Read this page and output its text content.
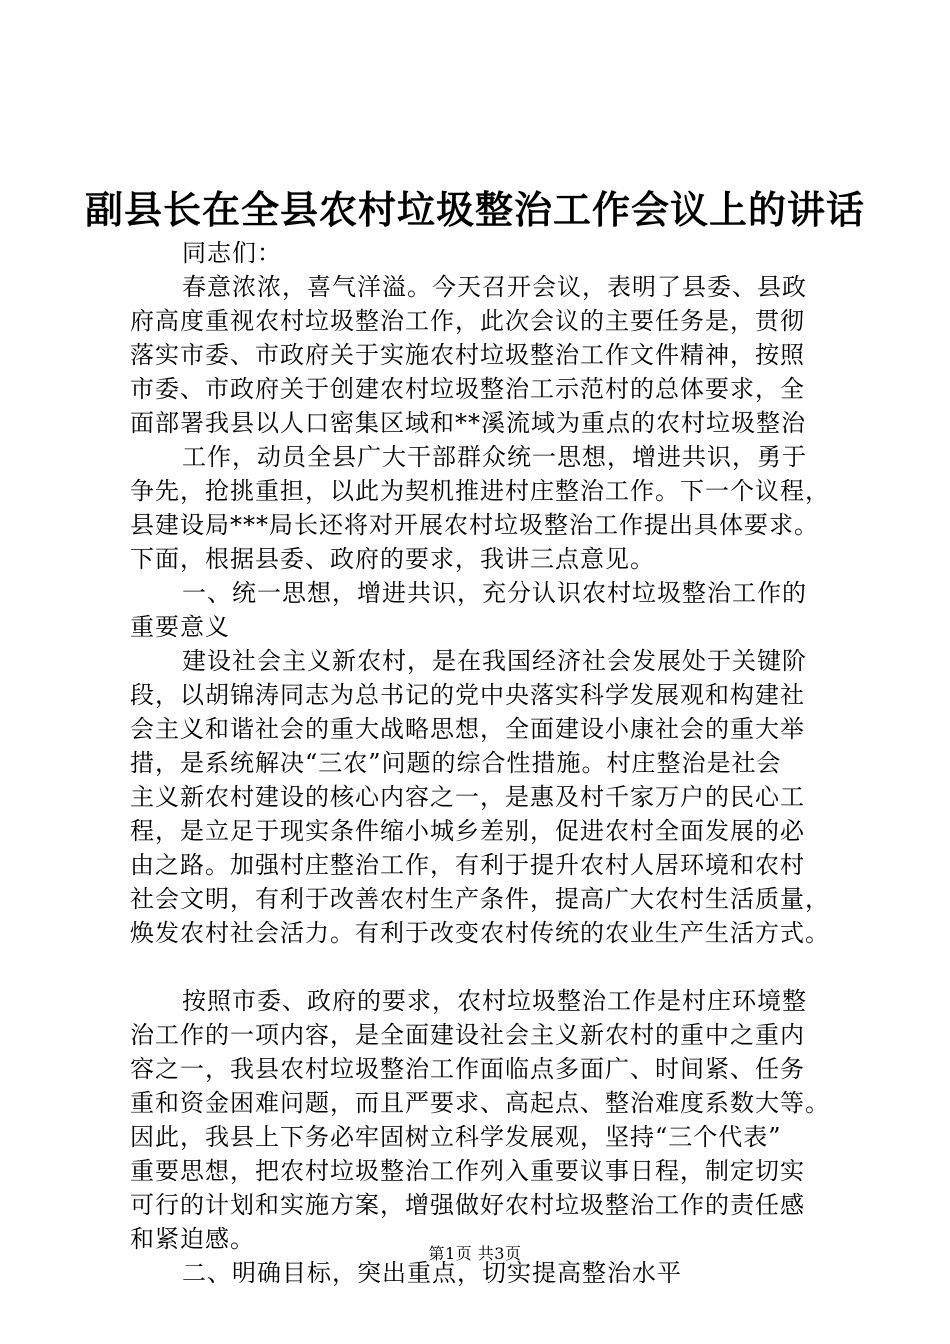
副县长在全县农村垃圾整治工作会议上的讲话

同志们：

春意浓浓，喜气洋溢。今天召开会议，表明了县委、县政

府高度重视农村垃圾整治工作，此次会议的主要任务是，贯彻

落实市委、市政府关于实施农村垃圾整治工作文件精神，按照

市委、市政府关于创建农村垃圾整治工示范村的总体要求，全

面部署我县以人口密集区域和**溪流域为重点的农村垃圾整治

工作，动员全县广大干部群众统一思想，增进共识，勇于

争先，抢挑重担，以此为契机推进村庄整治工作。下一个议程，

县建设局***局长还将对开展农村垃圾整治工作提出具体要求。

下面，根据县委、政府的要求，我讲三点意见。

一、统一思想，增进共识，充分认识农村垃圾整治工作的

重要意义

建设社会主义新农村，是在我国经济社会发展处于关键阶

段，以胡锦涛同志为总书记的党中央落实科学发展观和构建社

会主义和谐社会的重大战略思想，全面建设小康社会的重大举

措，是系统解决“三农”问题的综合性措施。村庄整治是社会

主义新农村建设的核心内容之一，是惠及村千家万户的民心工

程，是立足于现实条件缩小城乡差别，促进农村全面发展的必

由之路。加强村庄整治工作，有利于提升农村人居环境和农村

社会文明，有利于改善农村生产条件，提高广大农村生活质量，

焕发农村社会活力。有利于改变农村传统的农业生产生活方式。

按照市委、政府的要求，农村垃圾整治工作是村庄环境整

治工作的一项内容，是全面建设社会主义新农村的重中之重内

容之一，我县农村垃圾整治工作面临点多面广、时间紧、任务

重和资金困难问题，而且严要求、高起点、整治难度系数大等。

因此，我县上下务必牢固树立科学发展观，坚持“三个代表”

重要思想，把农村垃圾整治工作列入重要议事日程，制定切实

可行的计划和实施方案，增强做好农村垃圾整治工作的责任感

和紧迫感。

二、明确目标，突出重点，切实提高整治水平

第1页 共3页
